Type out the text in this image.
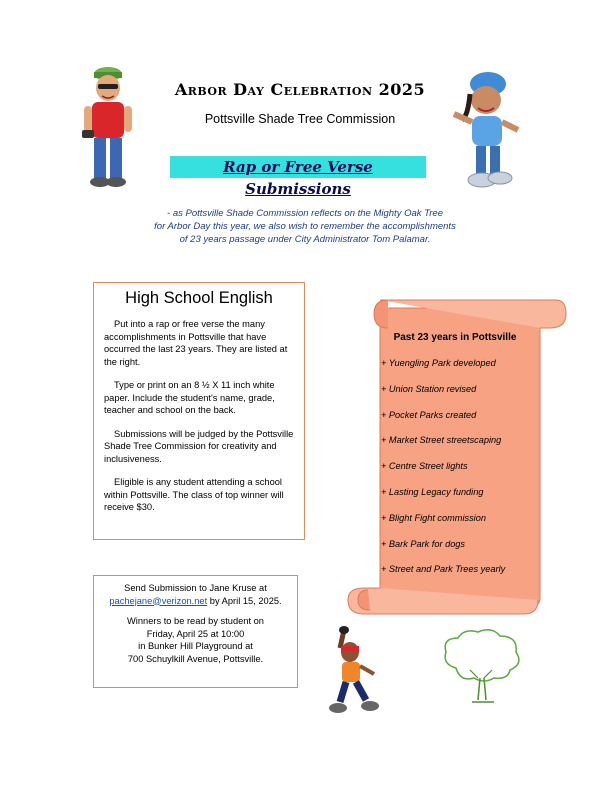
Arbor Day Celebration 2025
Pottsville Shade Tree Commission
Rap or Free Verse Submissions
- as Pottsville Shade Commission reflects on the Mighty Oak Tree
for Arbor Day this year, we also wish to remember the accomplishments
of 23 years passage under City Administrator Tom Palamar.
High School English

Put into a rap or free verse the many accomplishments in Pottsville that have occurred the last 23 years. They are listed at the right.

Type or print on an 8 ½ X 11 inch white paper. Include the student's name, grade, teacher and school on the back.

Submissions will be judged by the Pottsville Shade Tree Commission for creativity and inclusiveness.

Eligible is any student attending a school within Pottsville. The class of top winner will receive $30.

Send Submission to Jane Kruse at
pachejane@verizon.net by April 15, 2025.

Winners to be read by student on
Friday, April 25 at 10:00
in Bunker Hill Playground at
700 Schuylkill Avenue, Pottsville.

Past 23 years in Pottsville
+ Yuengling Park developed
+ Union Station revised
+ Pocket Parks created
+ Market Street streetscaping
+ Centre Street lights
+ Lasting Legacy funding
+ Blight Fight commission
+ Bark Park for dogs
+ Street and Park Trees yearly
